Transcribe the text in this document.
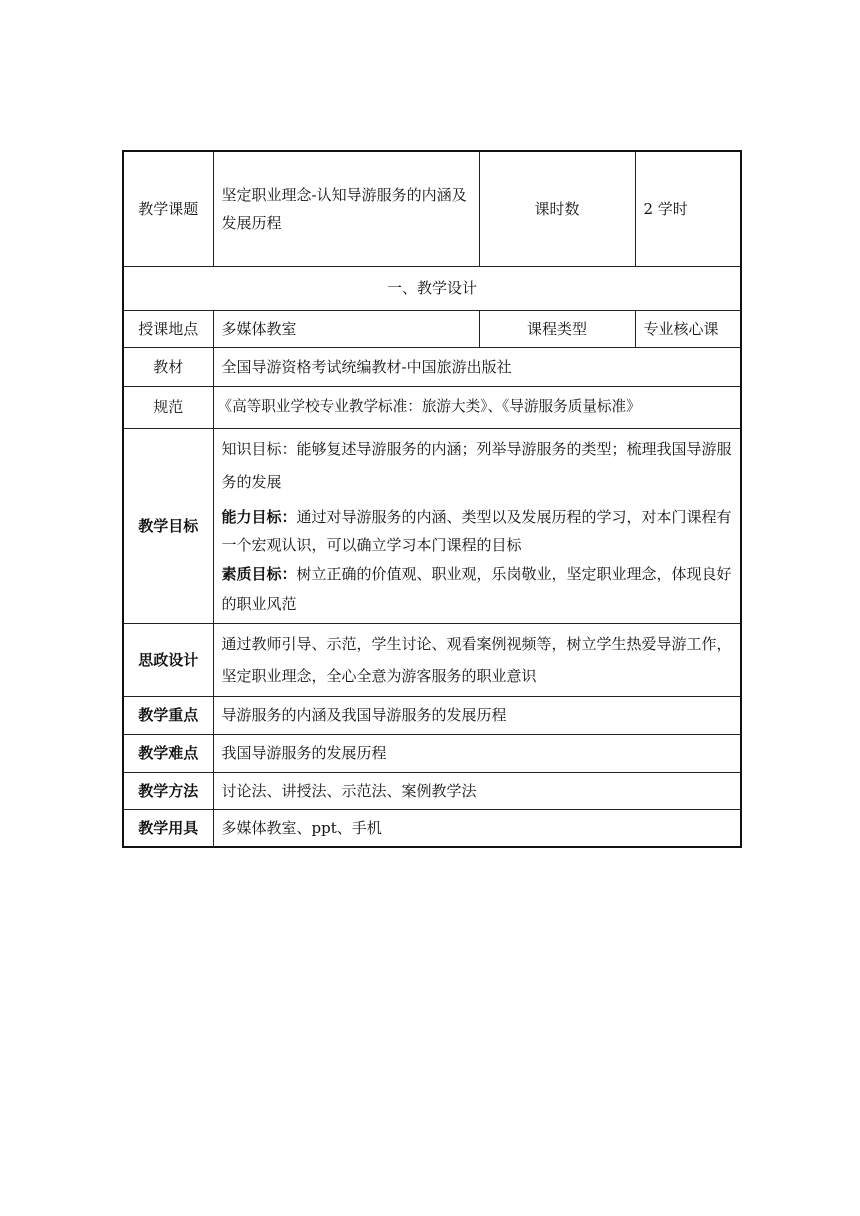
教学课题	坚定职业理念-认知导游服务的内涵及发展历程	课时数	2 学时
一、教学设计			
授课地点	多媒体教室	课程类型	专业核心课
教材	全国导游资格考试统编教材-中国旅游出版社		
规范	《高等职业学校专业教学标准：旅游大类》、《导游服务质量标准》		
教学目标	知识目标：能够复述导游服务的内涵；列举导游服务的类型；梳理我国导游服务的发展
能力目标：通过对导游服务的内涵、类型以及发展历程的学习，对本门课程有一个宏观认识，可以确立学习本门课程的目标
素质目标：树立正确的价值观、职业观，乐岗敬业，坚定职业理念，体现良好的职业风范		

思政设计	通过教师引导、示范，学生讨论、观看案例视频等，树立学生热爱导游工作，坚定职业理念，全心全意为游客服务的职业意识		
教学重点	导游服务的内涵及我国导游服务的发展历程		
教学难点	我国导游服务的发展历程		
教学方法	讨论法、讲授法、示范法、案例教学法		
教学用具	多媒体教室、ppt、手机		
